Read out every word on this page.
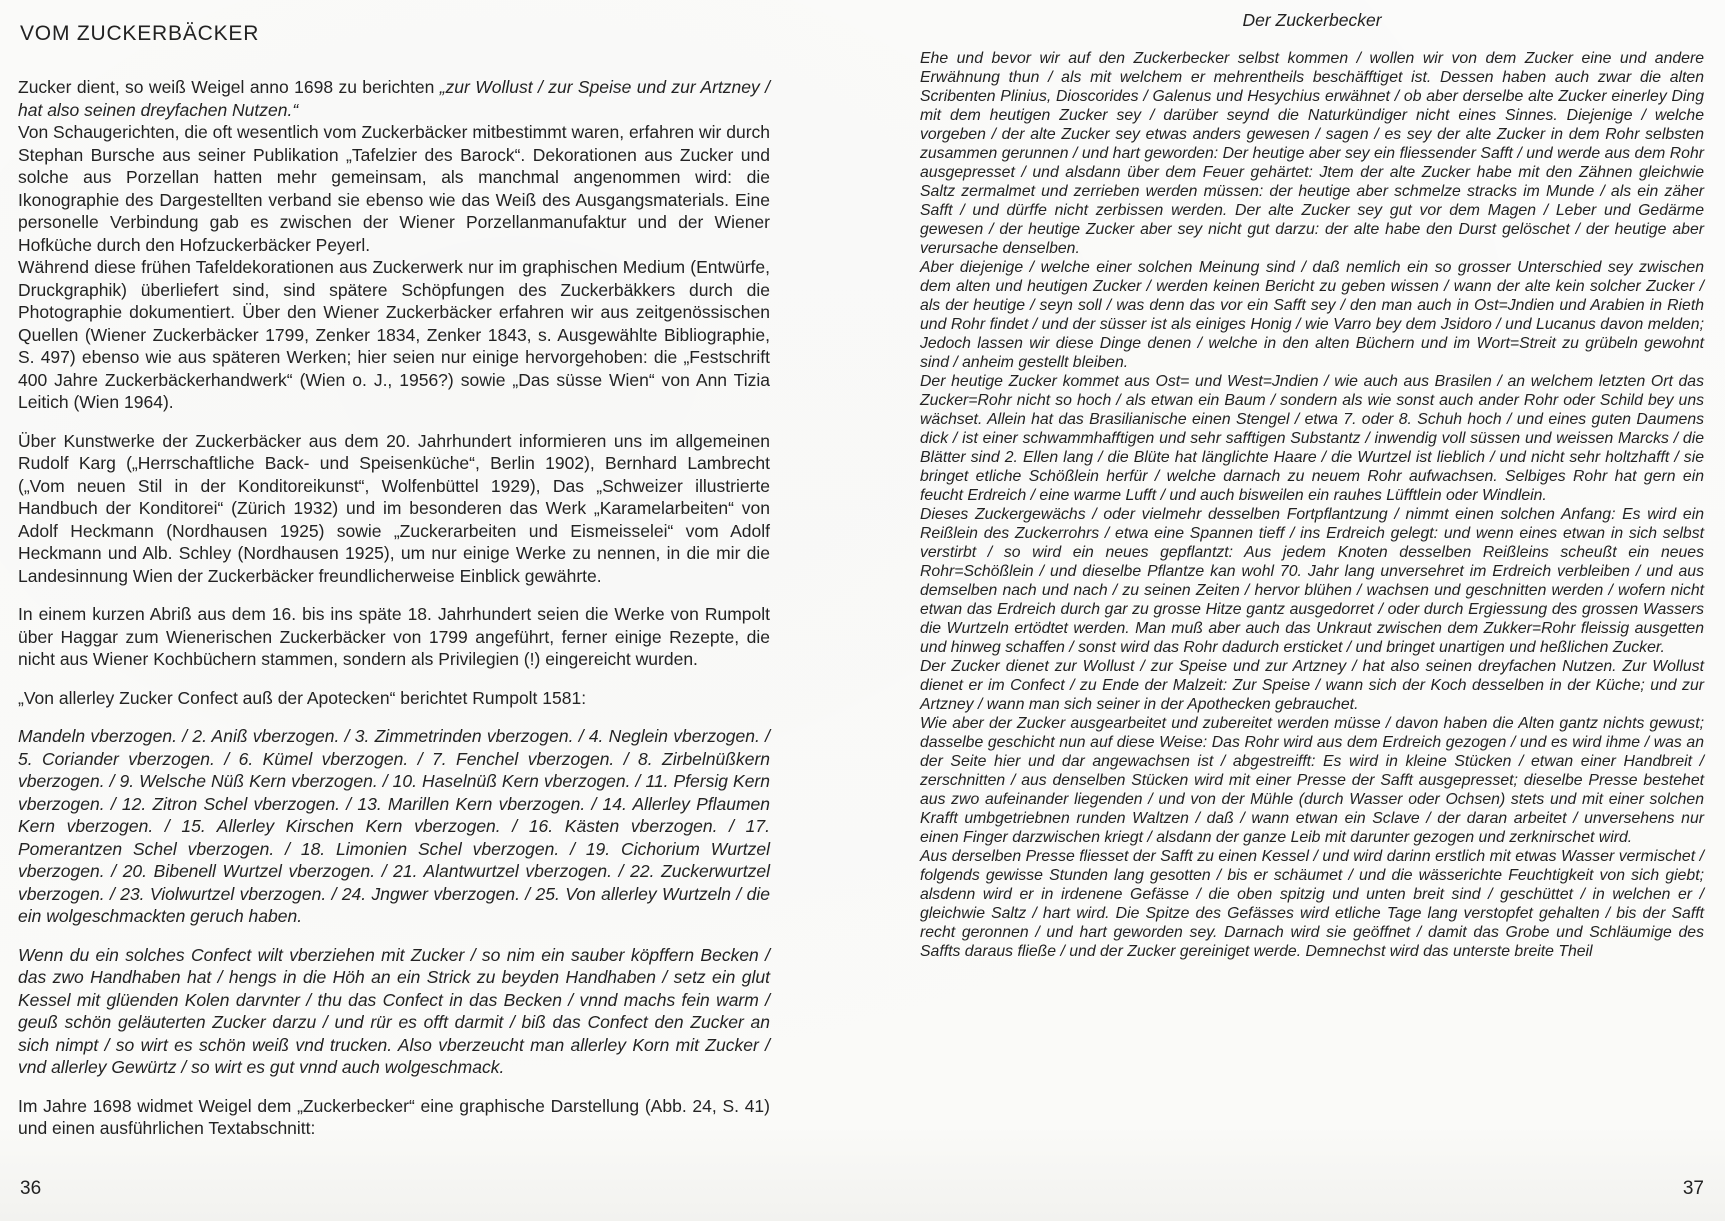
VOM ZUCKERBÄCKER

Zucker dient, so weiß Weigel anno 1698 zu berichten „zur Wollust / zur Speise und zur Artzney / hat also seinen dreyfachen Nutzen.“

Von Schaugerichten, die oft wesentlich vom Zuckerbäcker mitbestimmt waren, erfahren wir durch Stephan Bursche aus seiner Publikation „Tafelzier des Barock“. Dekorationen aus Zucker und solche aus Porzellan hatten mehr gemeinsam, als manchmal angenommen wird: die Ikonographie des Dargestellten verband sie ebenso wie das Weiß des Ausgangsmaterials. Eine personelle Verbindung gab es zwischen der Wiener Porzellanmanufaktur und der Wiener Hofküche durch den Hofzuckerbäcker Peyerl.

Während diese frühen Tafeldekorationen aus Zuckerwerk nur im graphischen Medium (Entwürfe, Druckgraphik) überliefert sind, sind spätere Schöpfungen des Zuckerbäkkers durch die Photographie dokumentiert. Über den Wiener Zuckerbäcker erfahren wir aus zeitgenössischen Quellen (Wiener Zuckerbäcker 1799, Zenker 1834, Zenker 1843, s. Ausgewählte Bibliographie, S. 497) ebenso wie aus späteren Werken; hier seien nur einige hervorgehoben: die „Festschrift 400 Jahre Zuckerbäckerhandwerk“ (Wien o. J., 1956?) sowie „Das süsse Wien“ von Ann Tizia Leitich (Wien 1964).

Über Kunstwerke der Zuckerbäcker aus dem 20. Jahrhundert informieren uns im allgemeinen Rudolf Karg („Herrschaftliche Back- und Speisenküche“, Berlin 1902), Bernhard Lambrecht („Vom neuen Stil in der Konditoreikunst“, Wolfenbüttel 1929), Das „Schweizer illustrierte Handbuch der Konditorei“ (Zürich 1932) und im besonderen das Werk „Karamelarbeiten“ von Adolf Heckmann (Nordhausen 1925) sowie „Zuckerarbeiten und Eismeisselei“ vom Adolf Heckmann und Alb. Schley (Nordhausen 1925), um nur einige Werke zu nennen, in die mir die Landesinnung Wien der Zuckerbäcker freundlicherweise Einblick gewährte.

In einem kurzen Abriß aus dem 16. bis ins späte 18. Jahrhundert seien die Werke von Rumpolt über Haggar zum Wienerischen Zuckerbäcker von 1799 angeführt, ferner einige Rezepte, die nicht aus Wiener Kochbüchern stammen, sondern als Privilegien (!) eingereicht wurden.

„Von allerley Zucker Confect auß der Apotecken“ berichtet Rumpolt 1581:

Mandeln vberzogen. / 2. Aniß vberzogen. / 3. Zimmetrinden vberzogen. / 4. Neglein vberzogen. / 5. Coriander vberzogen. / 6. Kümel vberzogen. / 7. Fenchel vberzogen. / 8. Zirbelnüßkern vberzogen. / 9. Welsche Nüß Kern vberzogen. / 10. Haselnüß Kern vberzogen. / 11. Pfersig Kern vberzogen. / 12. Zitron Schel vberzogen. / 13. Marillen Kern vberzogen. / 14. Allerley Pflaumen Kern vberzogen. / 15. Allerley Kirschen Kern vberzogen. / 16. Kästen vberzogen. / 17. Pomerantzen Schel vberzogen. / 18. Limonien Schel vberzogen. / 19. Cichorium Wurtzel vberzogen. / 20. Bibenell Wurtzel vberzogen. / 21. Alantwurtzel vberzogen. / 22. Zuckerwurtzel vberzogen. / 23. Violwurtzel vberzogen. / 24. Jngwer vberzogen. / 25. Von allerley Wurtzeln / die ein wolgeschmackten geruch haben.

Wenn du ein solches Confect wilt vberziehen mit Zucker / so nim ein sauber köpffern Becken / das zwo Handhaben hat / hengs in die Höh an ein Strick zu beyden Handhaben / setz ein glut Kessel mit glüenden Kolen darvnter / thu das Confect in das Becken / vnnd machs fein warm / geuß schön geläuterten Zucker darzu / und rür es offt darmit / biß das Confect den Zucker an sich nimpt / so wirt es schön weiß vnd trucken. Also vberzeucht man allerley Korn mit Zucker / vnd allerley Gewürtz / so wirt es gut vnnd auch wolgeschmack.

Im Jahre 1698 widmet Weigel dem „Zuckerbecker“ eine graphische Darstellung (Abb. 24, S. 41) und einen ausführlichen Textabschnitt:

Der Zuckerbecker

Ehe und bevor wir auf den Zuckerbecker selbst kommen / wollen wir von dem Zucker eine und andere Erwähnung thun / als mit welchem er mehrentheils beschäfftiget ist. Dessen haben auch zwar die alten Scribenten Plinius, Dioscorides / Galenus und Hesychius erwähnet / ob aber derselbe alte Zucker einerley Ding mit dem heutigen Zucker sey / darüber seynd die Naturkündiger nicht eines Sinnes. Diejenige / welche vorgeben / der alte Zucker sey etwas anders gewesen / sagen / es sey der alte Zucker in dem Rohr selbsten zusammen gerunnen / und hart geworden: Der heutige aber sey ein fliessender Safft / und werde aus dem Rohr ausgepresset / und alsdann über dem Feuer gehärtet: Jtem der alte Zucker habe mit den Zähnen gleichwie Saltz zermalmet und zerrieben werden müssen: der heutige aber schmelze stracks im Munde / als ein zäher Safft / und dürffe nicht zerbissen werden. Der alte Zucker sey gut vor dem Magen / Leber und Gedärme gewesen / der heutige Zucker aber sey nicht gut darzu: der alte habe den Durst gelöschet / der heutige aber verursache denselben.

Aber diejenige / welche einer solchen Meinung sind / daß nemlich ein so grosser Unterschied sey zwischen dem alten und heutigen Zucker / werden keinen Bericht zu geben wissen / wann der alte kein solcher Zucker / als der heutige / seyn soll / was denn das vor ein Safft sey / den man auch in Ost=Jndien und Arabien in Rieth und Rohr findet / und der süsser ist als einiges Honig / wie Varro bey dem Jsidoro / und Lucanus davon melden; Jedoch lassen wir diese Dinge denen / welche in den alten Büchern und im Wort=Streit zu grübeln gewohnt sind / anheim gestellt bleiben.

Der heutige Zucker kommet aus Ost= und West=Jndien / wie auch aus Brasilen / an welchem letzten Ort das Zucker=Rohr nicht so hoch / als etwan ein Baum / sondern als wie sonst auch ander Rohr oder Schild bey uns wächset. Allein hat das Brasilianische einen Stengel / etwa 7. oder 8. Schuh hoch / und eines guten Daumens dick / ist einer schwammhafftigen und sehr safftigen Substantz / inwendig voll süssen und weissen Marcks / die Blätter sind 2. Ellen lang / die Blüte hat länglichte Haare / die Wurtzel ist lieblich / und nicht sehr holtzhafft / sie bringet etliche Schößlein herfür / welche darnach zu neuem Rohr aufwachsen. Selbiges Rohr hat gern ein feucht Erdreich / eine warme Lufft / und auch bisweilen ein rauhes Lüfftlein oder Windlein.

Dieses Zuckergewächs / oder vielmehr desselben Fortpflantzung / nimmt einen solchen Anfang: Es wird ein Reißlein des Zuckerrohrs / etwa eine Spannen tieff / ins Erdreich gelegt: und wenn eines etwan in sich selbst verstirbt / so wird ein neues gepflantzt: Aus jedem Knoten desselben Reißleins scheußt ein neues Rohr=Schößlein / und dieselbe Pflantze kan wohl 70. Jahr lang unversehret im Erdreich verbleiben / und aus demselben nach und nach / zu seinen Zeiten / hervor blühen / wachsen und geschnitten werden / wofern nicht etwan das Erdreich durch gar zu grosse Hitze gantz ausgedorret / oder durch Ergiessung des grossen Wassers die Wurtzeln ertödtet werden. Man muß aber auch das Unkraut zwischen dem Zukker=Rohr fleissig ausgetten und hinweg schaffen / sonst wird das Rohr dadurch ersticket / und bringet unartigen und heßlichen Zucker.

Der Zucker dienet zur Wollust / zur Speise und zur Artzney / hat also seinen dreyfachen Nutzen. Zur Wollust dienet er im Confect / zu Ende der Malzeit: Zur Speise / wann sich der Koch desselben in der Küche; und zur Artzney / wann man sich seiner in der Apothecken gebrauchet.

Wie aber der Zucker ausgearbeitet und zubereitet werden müsse / davon haben die Alten gantz nichts gewust; dasselbe geschicht nun auf diese Weise: Das Rohr wird aus dem Erdreich gezogen / und es wird ihme / was an der Seite hier und dar angewachsen ist / abgestreifft: Es wird in kleine Stücken / etwan einer Handbreit / zerschnitten / aus denselben Stücken wird mit einer Presse der Safft ausgepresset; dieselbe Presse bestehet aus zwo aufeinander liegenden / und von der Mühle (durch Wasser oder Ochsen) stets und mit einer solchen Krafft umbgetriebnen runden Waltzen / daß / wann etwan ein Sclave / der daran arbeitet / unversehens nur einen Finger darzwischen kriegt / alsdann der ganze Leib mit darunter gezogen und zerknirschet wird.

Aus derselben Presse fliesset der Safft zu einen Kessel / und wird darinn erstlich mit etwas Wasser vermischet / folgends gewisse Stunden lang gesotten / bis er schäumet / und die wässerichte Feuchtigkeit von sich giebt; alsdenn wird er in irdenene Gefässe / die oben spitzig und unten breit sind / geschüttet / in welchen er / gleichwie Saltz / hart wird. Die Spitze des Gefässes wird etliche Tage lang verstopfet gehalten / bis der Safft recht geronnen / und hart geworden sey. Darnach wird sie geöffnet / damit das Grobe und Schläumige des Saffts daraus fließe / und der Zucker gereiniget werde. Demnechst wird das unterste breite Theil

36	37
